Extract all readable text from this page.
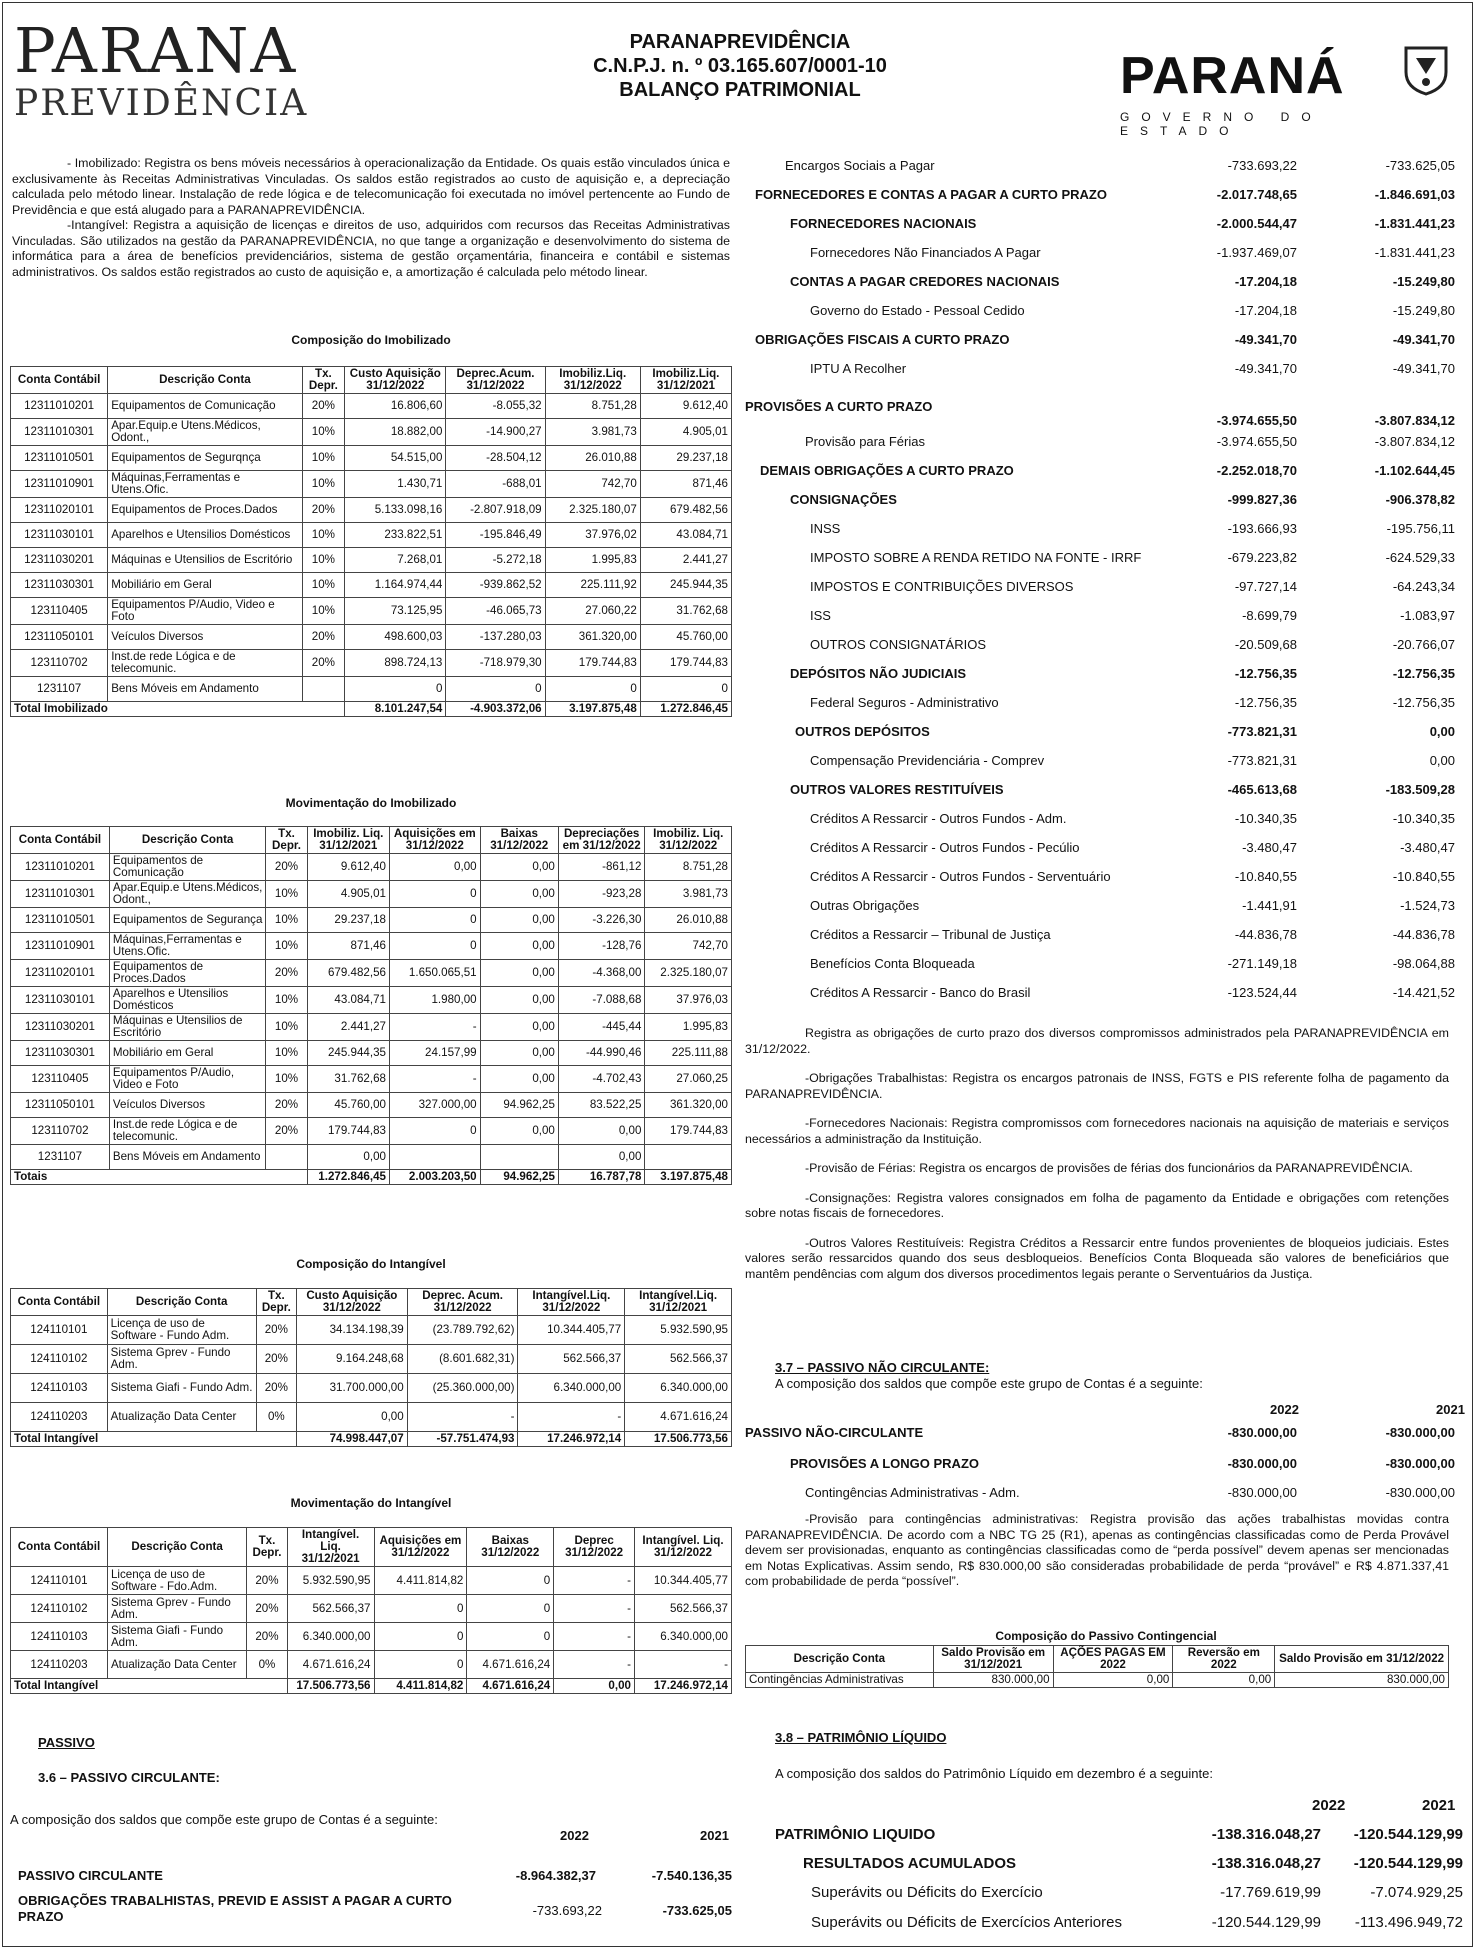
PARANA
PREVIDÊNCIA
PARANAPREVIDÊNCIA
C.N.P.J. n. º 03.165.607/0001-10
BALANÇO PATRIMONIAL	PARANÁ
GOVERNO DO ESTADO

- Imobilizado: Registra os bens móveis necessários à operacionalização da Entidade. Os quais estão vinculados única e exclusivamente às Receitas Administrativas Vinculadas. Os saldos estão registrados ao custo de aquisição e, a depreciação calculada pelo método linear. Instalação de rede lógica e de telecomunicação foi executada no imóvel pertencente ao Fundo de Previdência e que está alugado para a PARANAPREVIDÊNCIA.

-Intangível: Registra a aquisição de licenças e direitos de uso, adquiridos com recursos das Receitas Administrativas Vinculadas. São utilizados na gestão da PARANAPREVIDÊNCIA, no que tange a organização e desenvolvimento do sistema de informática para a área de benefícios previdenciários, sistema de gestão orçamentária, financeira e contábil e sistemas administrativos. Os saldos estão registrados ao custo de aquisição e, a amortização é calculada pelo método linear.

Composição do Imobilizado
Conta Contábil	Descrição Conta	Tx. Depr.	Custo Aquisição 31/12/2022	Deprec.Acum. 31/12/2022	Imobiliz.Liq. 31/12/2022	Imobiliz.Liq. 31/12/2021
12311010201	Equipamentos de Comunicação	20%	16.806,60	-8.055,32	8.751,28	9.612,40
12311010301	Apar.Equip.e Utens.Médicos, Odont.,	10%	18.882,00	-14.900,27	3.981,73	4.905,01
12311010501	Equipamentos de Segurqnça	10%	54.515,00	-28.504,12	26.010,88	29.237,18
12311010901	Máquinas,Ferramentas e Utens.Ofic.	10%	1.430,71	-688,01	742,70	871,46
12311020101	Equipamentos de Proces.Dados	20%	5.133.098,16	-2.807.918,09	2.325.180,07	679.482,56
12311030101	Aparelhos e Utensilios Domésticos	10%	233.822,51	-195.846,49	37.976,02	43.084,71
12311030201	Máquinas e Utensilios de Escritório	10%	7.268,01	-5.272,18	1.995,83	2.441,27
12311030301	Mobiliário em Geral	10%	1.164.974,44	-939.862,52	225.111,92	245.944,35
123110405	Equipamentos P/Audio, Video e Foto	10%	73.125,95	-46.065,73	27.060,22	31.762,68
12311050101	Veículos Diversos	20%	498.600,03	-137.280,03	361.320,00	45.760,00
123110702	Inst.de rede Lógica e de telecomunic.	20%	898.724,13	-718.979,30	179.744,83	179.744,83
1231107	Bens Móveis em Andamento		0	0	0	0
Total Imobilizado			8.101.247,54	-4.903.372,06	3.197.875,48	1.272.846,45
Movimentação do Imobilizado
Conta Contábil	Descrição Conta	Tx. Depr.	Imobiliz. Liq. 31/12/2021	Aquisições em 31/12/2022	Baixas 31/12/2022	Depreciações em 31/12/2022	Imobiliz. Liq. 31/12/2022
12311010201	Equipamentos de Comunicação	20%	9.612,40	0,00	0,00	-861,12	8.751,28
12311010301	Apar.Equip.e Utens.Médicos, Odont.,	10%	4.905,01	0	0,00	-923,28	3.981,73
12311010501	Equipamentos de Segurança	10%	29.237,18	0	0,00	-3.226,30	26.010,88
12311010901	Máquinas,Ferramentas e Utens.Ofic.	10%	871,46	0	0,00	-128,76	742,70
12311020101	Equipamentos de Proces.Dados	20%	679.482,56	1.650.065,51	0,00	-4.368,00	2.325.180,07
12311030101	Aparelhos e Utensilios Domésticos	10%	43.084,71	1.980,00	0,00	-7.088,68	37.976,03
12311030201	Máquinas e Utensilios de Escritório	10%	2.441,27	-	0,00	-445,44	1.995,83
12311030301	Mobiliário em Geral	10%	245.944,35	24.157,99	0,00	-44.990,46	225.111,88
123110405	Equipamentos P/Audio, Video e Foto	10%	31.762,68	-	0,00	-4.702,43	27.060,25
12311050101	Veículos Diversos	20%	45.760,00	327.000,00	94.962,25	83.522,25	361.320,00
123110702	Inst.de rede Lógica e de telecomunic.	20%	179.744,83	0	0,00	0,00	179.744,83
1231107	Bens Móveis em Andamento		0,00			0,00	
Totais			1.272.846,45	2.003.203,50	94.962,25	16.787,78	3.197.875,48
Composição do Intangível
Conta Contábil	Descrição Conta	Tx. Depr.	Custo Aquisição 31/12/2022	Deprec. Acum. 31/12/2022	Intangível.Liq. 31/12/2022	Intangível.Liq. 31/12/2021
124110101	Licença de uso de Software - Fundo Adm.	20%	34.134.198,39	(23.789.792,62)	10.344.405,77	5.932.590,95
124110102	Sistema Gprev - Fundo Adm.	20%	9.164.248,68	(8.601.682,31)	562.566,37	562.566,37
124110103	Sistema Giafi - Fundo Adm.	20%	31.700.000,00	(25.360.000,00)	6.340.000,00	6.340.000,00
124110203	Atualização Data Center	0%	0,00	-	-	4.671.616,24
Total Intangível			74.998.447,07	-57.751.474,93	17.246.972,14	17.506.773,56
Movimentação do Intangível
Conta Contábil	Descrição Conta	Tx. Depr.	Intangível. Liq. 31/12/2021	Aquisições em 31/12/2022	Baixas 31/12/2022	Deprec 31/12/2022	Intangível. Liq. 31/12/2022
124110101	Licença de uso de Software - Fdo.Adm.	20%	5.932.590,95	4.411.814,82	0	-	10.344.405,77
124110102	Sistema Gprev - Fundo Adm.	20%	562.566,37	0	0	-	562.566,37
124110103	Sistema Giafi - Fundo Adm.	20%	6.340.000,00	0	0	-	6.340.000,00
124110203	Atualização Data Center	0%	4.671.616,24	0	4.671.616,24	-	-
Total Intangível			17.506.773,56	4.411.814,82	4.671.616,24	0,00	17.246.972,14
PASSIVO
3.6 – PASSIVO CIRCULANTE:
A composição dos saldos que compõe este grupo de Contas é a seguinte:
2022	2021
PASSIVO CIRCULANTE	-8.964.382,37	-7.540.136,35
OBRIGAÇÕES TRABALHISTAS, PREVID E ASSIST A PAGAR A CURTO PRAZO	-733.693,22	-733.625,05
Encargos Sociais a Pagar	-733.693,22	-733.625,05
FORNECEDORES E CONTAS A PAGAR A CURTO PRAZO	-2.017.748,65	-1.846.691,03
FORNECEDORES NACIONAIS	-2.000.544,47	-1.831.441,23
Fornecedores Não Financiados A Pagar	-1.937.469,07	-1.831.441,23
CONTAS A PAGAR CREDORES NACIONAIS	-17.204,18	-15.249,80
Governo do Estado - Pessoal Cedido	-17.204,18	-15.249,80
OBRIGAÇÕES FISCAIS A CURTO PRAZO	-49.341,70	-49.341,70
IPTU A Recolher	-49.341,70	-49.341,70
PROVISÕES A CURTO PRAZO
-3.974.655,50	-3.807.834,12
Provisão para Férias	-3.974.655,50	-3.807.834,12
DEMAIS OBRIGAÇÕES A CURTO PRAZO	-2.252.018,70	-1.102.644,45
CONSIGNAÇÕES	-999.827,36	-906.378,82
INSS	-193.666,93	-195.756,11
IMPOSTO SOBRE A RENDA RETIDO NA FONTE - IRRF	-679.223,82	-624.529,33
IMPOSTOS E CONTRIBUIÇÕES DIVERSOS	-97.727,14	-64.243,34
ISS	-8.699,79	-1.083,97
OUTROS CONSIGNATÁRIOS	-20.509,68	-20.766,07
DEPÓSITOS NÃO JUDICIAIS	-12.756,35	-12.756,35
Federal Seguros - Administrativo	-12.756,35	-12.756,35
OUTROS DEPÓSITOS	-773.821,31	0,00
Compensação Previdenciária - Comprev	-773.821,31	0,00
OUTROS VALORES RESTITUÍVEIS	-465.613,68	-183.509,28
Créditos A Ressarcir - Outros Fundos - Adm.	-10.340,35	-10.340,35
Créditos A Ressarcir - Outros Fundos - Pecúlio	-3.480,47	-3.480,47
Créditos A Ressarcir - Outros Fundos - Serventuário	-10.840,55	-10.840,55
Outras Obrigações	-1.441,91	-1.524,73
Créditos a Ressarcir – Tribunal de Justiça	-44.836,78	-44.836,78
Benefícios Conta Bloqueada	-271.149,18	-98.064,88
Créditos A Ressarcir - Banco do Brasil	-123.524,44	-14.421,52

Registra as obrigações de curto prazo dos diversos compromissos administrados pela PARANAPREVIDÊNCIA em 31/12/2022.

-Obrigações Trabalhistas: Registra os encargos patronais de INSS, FGTS e PIS referente folha de pagamento da PARANAPREVIDÊNCIA.

-Fornecedores Nacionais: Registra compromissos com fornecedores nacionais na aquisição de materiais e serviços necessários a administração da Instituição.

-Provisão de Férias: Registra os encargos de provisões de férias dos funcionários da PARANAPREVIDÊNCIA.

-Consignações: Registra valores consignados em folha de pagamento da Entidade e obrigações com retenções sobre notas fiscais de fornecedores.

-Outros Valores Restituíveis: Registra Créditos a Ressarcir entre fundos provenientes de bloqueios judiciais. Estes valores serão ressarcidos quando dos seus desbloqueios. Benefícios Conta Bloqueada são valores de beneficiários que mantêm pendências com algum dos diversos procedimentos legais perante o Serventuários da Justiça.

3.7 – PASSIVO NÃO CIRCULANTE:
A composição dos saldos que compõe este grupo de Contas é a seguinte:
2022	2021
PASSIVO NÃO-CIRCULANTE	-830.000,00	-830.000,00
PROVISÕES A LONGO PRAZO	-830.000,00	-830.000,00
Contingências Administrativas - Adm.	-830.000,00	-830.000,00

-Provisão para contingências administrativas: Registra provisão das ações trabalhistas movidas contra PARANAPREVIDÊNCIA. De acordo com a NBC TG 25 (R1), apenas as contingências classificadas como de Perda Provável devem ser provisionadas, enquanto as contingências classificadas como de “perda possível” devem apenas ser mencionadas em Notas Explicativas. Assim sendo, R$ 830.000,00 são consideradas probabilidade de perda “provável” e R$ 4.871.337,41 com probabilidade de perda “possível”.

Composição do Passivo Contingencial
Descrição Conta	Saldo Provisão em 31/12/2021	AÇÕES PAGAS EM 2022	Reversão em 2022	Saldo Provisão em 31/12/2022
Contingências Administrativas	830.000,00	0,00	0,00	830.000,00
3.8 – PATRIMÔNIO LÍQUIDO
A composição dos saldos do Patrimônio Líquido em dezembro é a seguinte:
2022	2021
PATRIMÔNIO LIQUIDO	-138.316.048,27 -120.544.129,99
RESULTADOS ACUMULADOS	-138.316.048,27 -120.544.129,99
Superávits ou Déficits do Exercício	-17.769.619,99	-7.074.929,25
Superávits ou Déficits de Exercícios Anteriores	-120.544.129,99 -113.496.949,72
